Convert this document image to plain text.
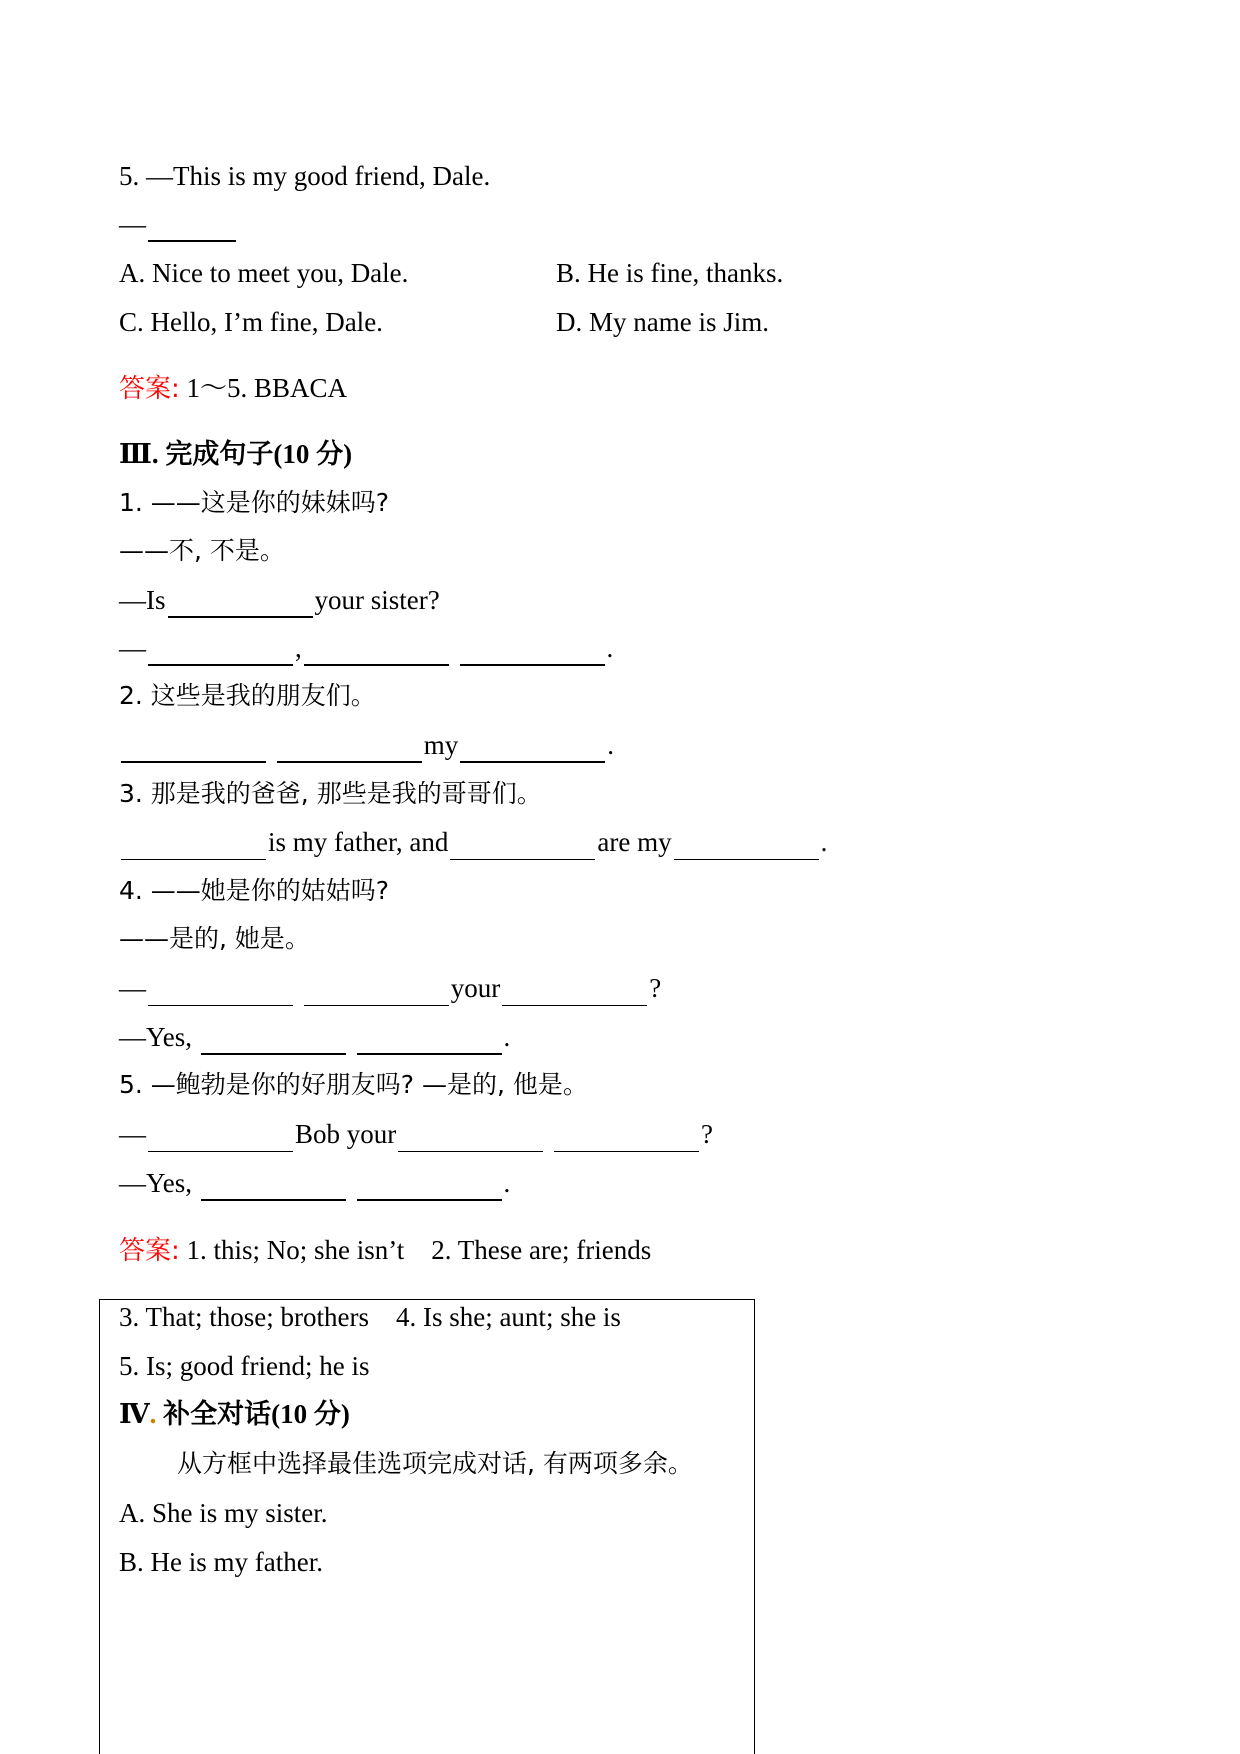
5. —This is my good friend, Dale.
—
A. Nice to meet you, Dale.	B. He is fine, thanks.
C. Hello, I’m fine, Dale.	D. My name is Jim.
答案: 1～5. BBACA
Ⅲ. 完成句子(10 分)
1. ——这是你的妹妹吗?
——不, 不是。
—Is	your sister?
—	,	.
2. 这些是我的朋友们。
my	.
3. 那是我的爸爸, 那些是我的哥哥们。
is my father, and	are my	.
4. ——她是你的姑姑吗?
——是的, 她是。
—	your	?
—Yes,	.
5. —鲍勃是你的好朋友吗? —是的, 他是。
—	Bob your	?
—Yes,	.
答案: 1. this; No; she isn’t    2. These are; friends
3. That; those; brothers    4. Is she; aunt; she is
5. Is; good friend; he is
Ⅳ. 补全对话(10 分)
从方框中选择最佳选项完成对话, 有两项多余。
A. She is my sister.
B. He is my father.
